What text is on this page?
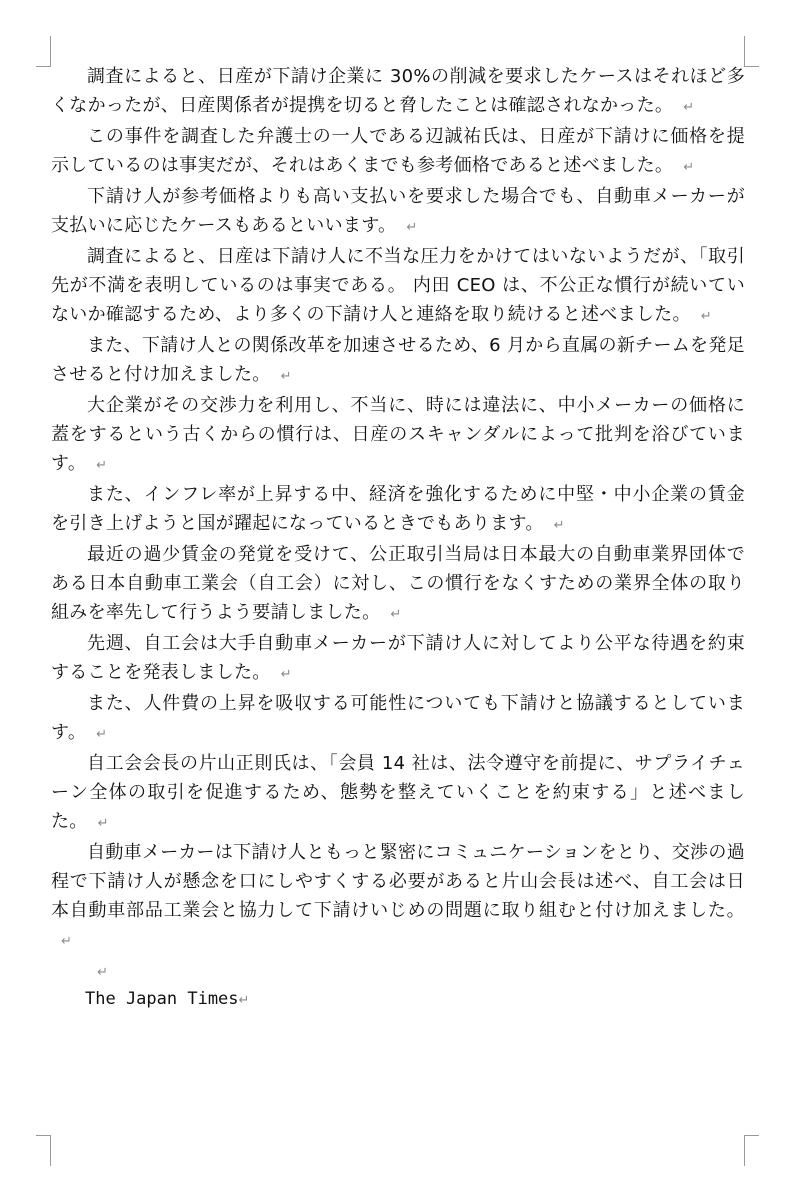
調査によると、日産が下請け企業に 30%の削減を要求したケースはそれほど多くなかったが、日産関係者が提携を切ると脅したことは確認されなかった。 ↵

この事件を調査した弁護士の一人である辺誠祐氏は、日産が下請けに価格を提示しているのは事実だが、それはあくまでも参考価格であると述べました。 ↵

下請け人が参考価格よりも高い支払いを要求した場合でも、自動車メーカーが支払いに応じたケースもあるといいます。 ↵

調査によると、日産は下請け人に不当な圧力をかけてはいないようだが、「取引先が不満を表明しているのは事実である。 内田 CEO は、不公正な慣行が続いていないか確認するため、より多くの下請け人と連絡を取り続けると述べました。 ↵

また、下請け人との関係改革を加速させるため、6 月から直属の新チームを発足させると付け加えました。 ↵

大企業がその交渉力を利用し、不当に、時には違法に、中小メーカーの価格に蓋をするという古くからの慣行は、日産のスキャンダルによって批判を浴びています。 ↵

また、インフレ率が上昇する中、経済を強化するために中堅・中小企業の賃金を引き上げようと国が躍起になっているときでもあります。 ↵

最近の過少賃金の発覚を受けて、公正取引当局は日本最大の自動車業界団体である日本自動車工業会（自工会）に対し、この慣行をなくすための業界全体の取り組みを率先して行うよう要請しました。 ↵

先週、自工会は大手自動車メーカーが下請け人に対してより公平な待遇を約束することを発表しました。 ↵

また、人件費の上昇を吸収する可能性についても下請けと協議するとしています。 ↵

自工会会長の片山正則氏は、「会員 14 社は、法令遵守を前提に、サプライチェーン全体の取引を促進するため、態勢を整えていくことを約束する」と述べました。 ↵

自動車メーカーは下請け人ともっと緊密にコミュニケーションをとり、交渉の過程で下請け人が懸念を口にしやすくする必要があると片山会長は述べ、自工会は日本自動車部品工業会と協力して下請けいじめの問題に取り組むと付け加えました。↵

↵

The Japan Times↵
